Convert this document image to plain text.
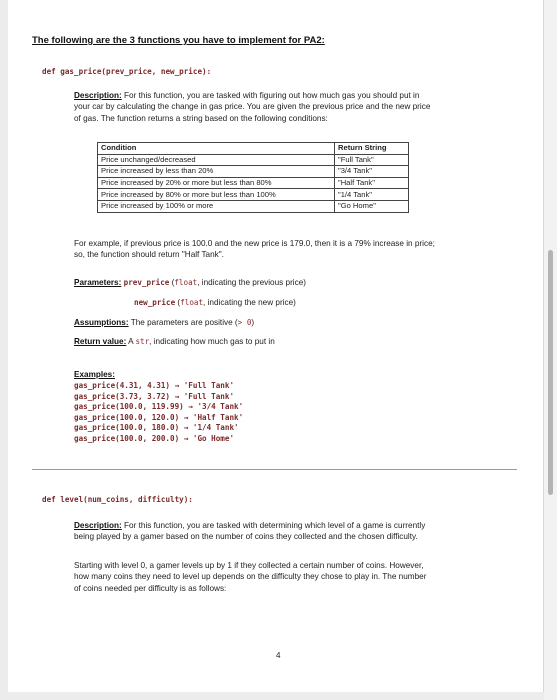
The following are the 3 functions you have to implement for PA2:
def gas_price(prev_price, new_price):
Description: For this function, you are tasked with figuring out how much gas you should put in
your car by calculating the change in gas price. You are given the previous price and the new price
of gas. The function returns a string based on the following conditions:
Condition	Return String
Price unchanged/decreased	"Full Tank"
Price increased by less than 20%	"3/4 Tank"
Price increased by 20% or more but less than 80%	"Half Tank"
Price increased by 80% or more but less than 100%	"1/4 Tank"
Price increased by 100% or more	"Go Home"
For example, if previous price is 100.0 and the new price is 179.0, then it is a 79% increase in price;
so, the function should return "Half Tank".
Parameters: prev_price (float, indicating the previous price)
new_price (float, indicating the new price)
Assumptions: The parameters are positive (> 0)
Return value: A str, indicating how much gas to put in
Examples:
gas_price(4.31, 4.31) → 'Full Tank'
gas_price(3.73, 3.72) → 'Full Tank'
gas_price(100.0, 119.99) → '3/4 Tank'
gas_price(100.0, 120.0) → 'Half Tank'
gas_price(100.0, 180.0) → '1/4 Tank'
gas_price(100.0, 200.0) → 'Go Home'
def level(num_coins, difficulty):
Description: For this function, you are tasked with determining which level of a game is currently
being played by a gamer based on the number of coins they collected and the chosen difficulty.
Starting with level 0, a gamer levels up by 1 if they collected a certain number of coins. However,
how many coins they need to level up depends on the difficulty they chose to play in. The number
of coins needed per difficulty is as follows:
4
